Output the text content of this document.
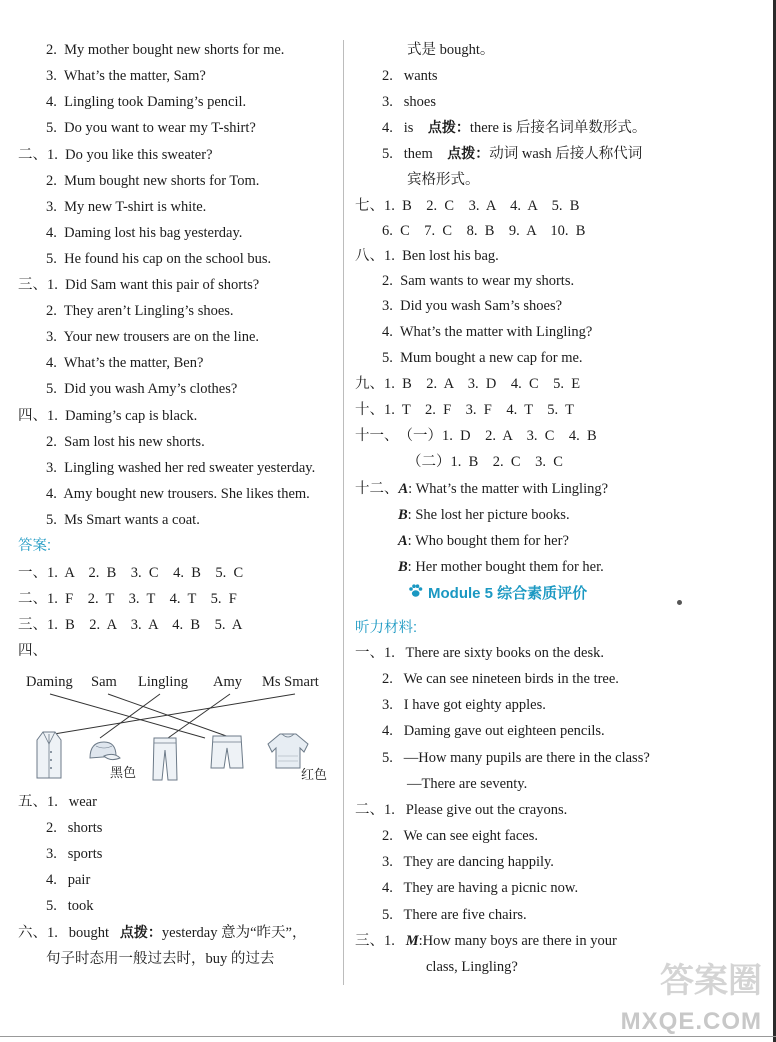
2.  My mother bought new shorts for me.
3.  What’s the matter, Sam?
4.  Lingling took Daming’s pencil.
5.  Do you want to wear my T-shirt?
二、1.  Do you like this sweater?
2.  Mum bought new shorts for Tom.
3.  My new T-shirt is white.
4.  Daming lost his bag yesterday.
5.  He found his cap on the school bus.
三、1.  Did Sam want this pair of shorts?
2.  They aren’t Lingling’s shoes.
3.  Your new trousers are on the line.
4.  What’s the matter, Ben?
5.  Did you wash Amy’s clothes?
四、1.  Daming’s cap is black.
2.  Sam lost his new shorts.
3.  Lingling washed her red sweater yesterday.
4.  Amy bought new trousers. She likes them.
5.  Ms Smart wants a coat.
答案:
一、1.  A    2.  B    3.  C    4.  B    5.  C
二、1.  F    2.  T    3.  T    4.  T    5.  F
三、1.  B    2.  A    3.  A    4.  B    5.  A
四、
五、1.   wear
2.   shorts
3.   sports
4.   pair
5.   took
六、1.   bought   点拨：yesterday 意为“昨天”，
句子时态用一般过去时，buy 的过去
式是 bought。
2.   wants
3.   shoes
4.   is    点拨：there is 后接名词单数形式。
5.   them    点拨：动词 wash 后接人称代词
宾格形式。
七、1.  B    2.  C    3.  A    4.  A    5.  B
6.  C    7.  C    8.  B    9.  A    10.  B
八、1.  Ben lost his bag.
2.  Sam wants to wear my shorts.
3.  Did you wash Sam’s shoes?
4.  What’s the matter with Lingling?
5.  Mum bought a new cap for me.
九、1.  B    2.  A    3.  D    4.  C    5.  E
十、1.  T    2.  F    3.  F    4.  T    5.  T
十一、（一）1.  D    2.  A    3.  C    4.  B
（二）1.  B    2.  C    3.  C
十二、A: What’s the matter with Lingling?
B: She lost her picture books.
A: Who bought them for her?
B: Her mother bought them for her.
听力材料:
一、1.   There are sixty books on the desk.
2.   We can see nineteen birds in the tree.
3.   I have got eighty apples.
4.   Daming gave out eighteen pencils.
5.   —How many pupils are there in the class?
—There are seventy.
二、1.   Please give out the crayons.
2.   We can see eight faces.
3.   They are dancing happily.
4.   They are having a picnic now.
5.   There are five chairs.
三、1.   M:How many boys are there in your
class, Lingling?
Module 5 综合素质评价
Daming Sam Lingling Amy Ms Smart
黑色	红色
答案圈
MXQE.COM
